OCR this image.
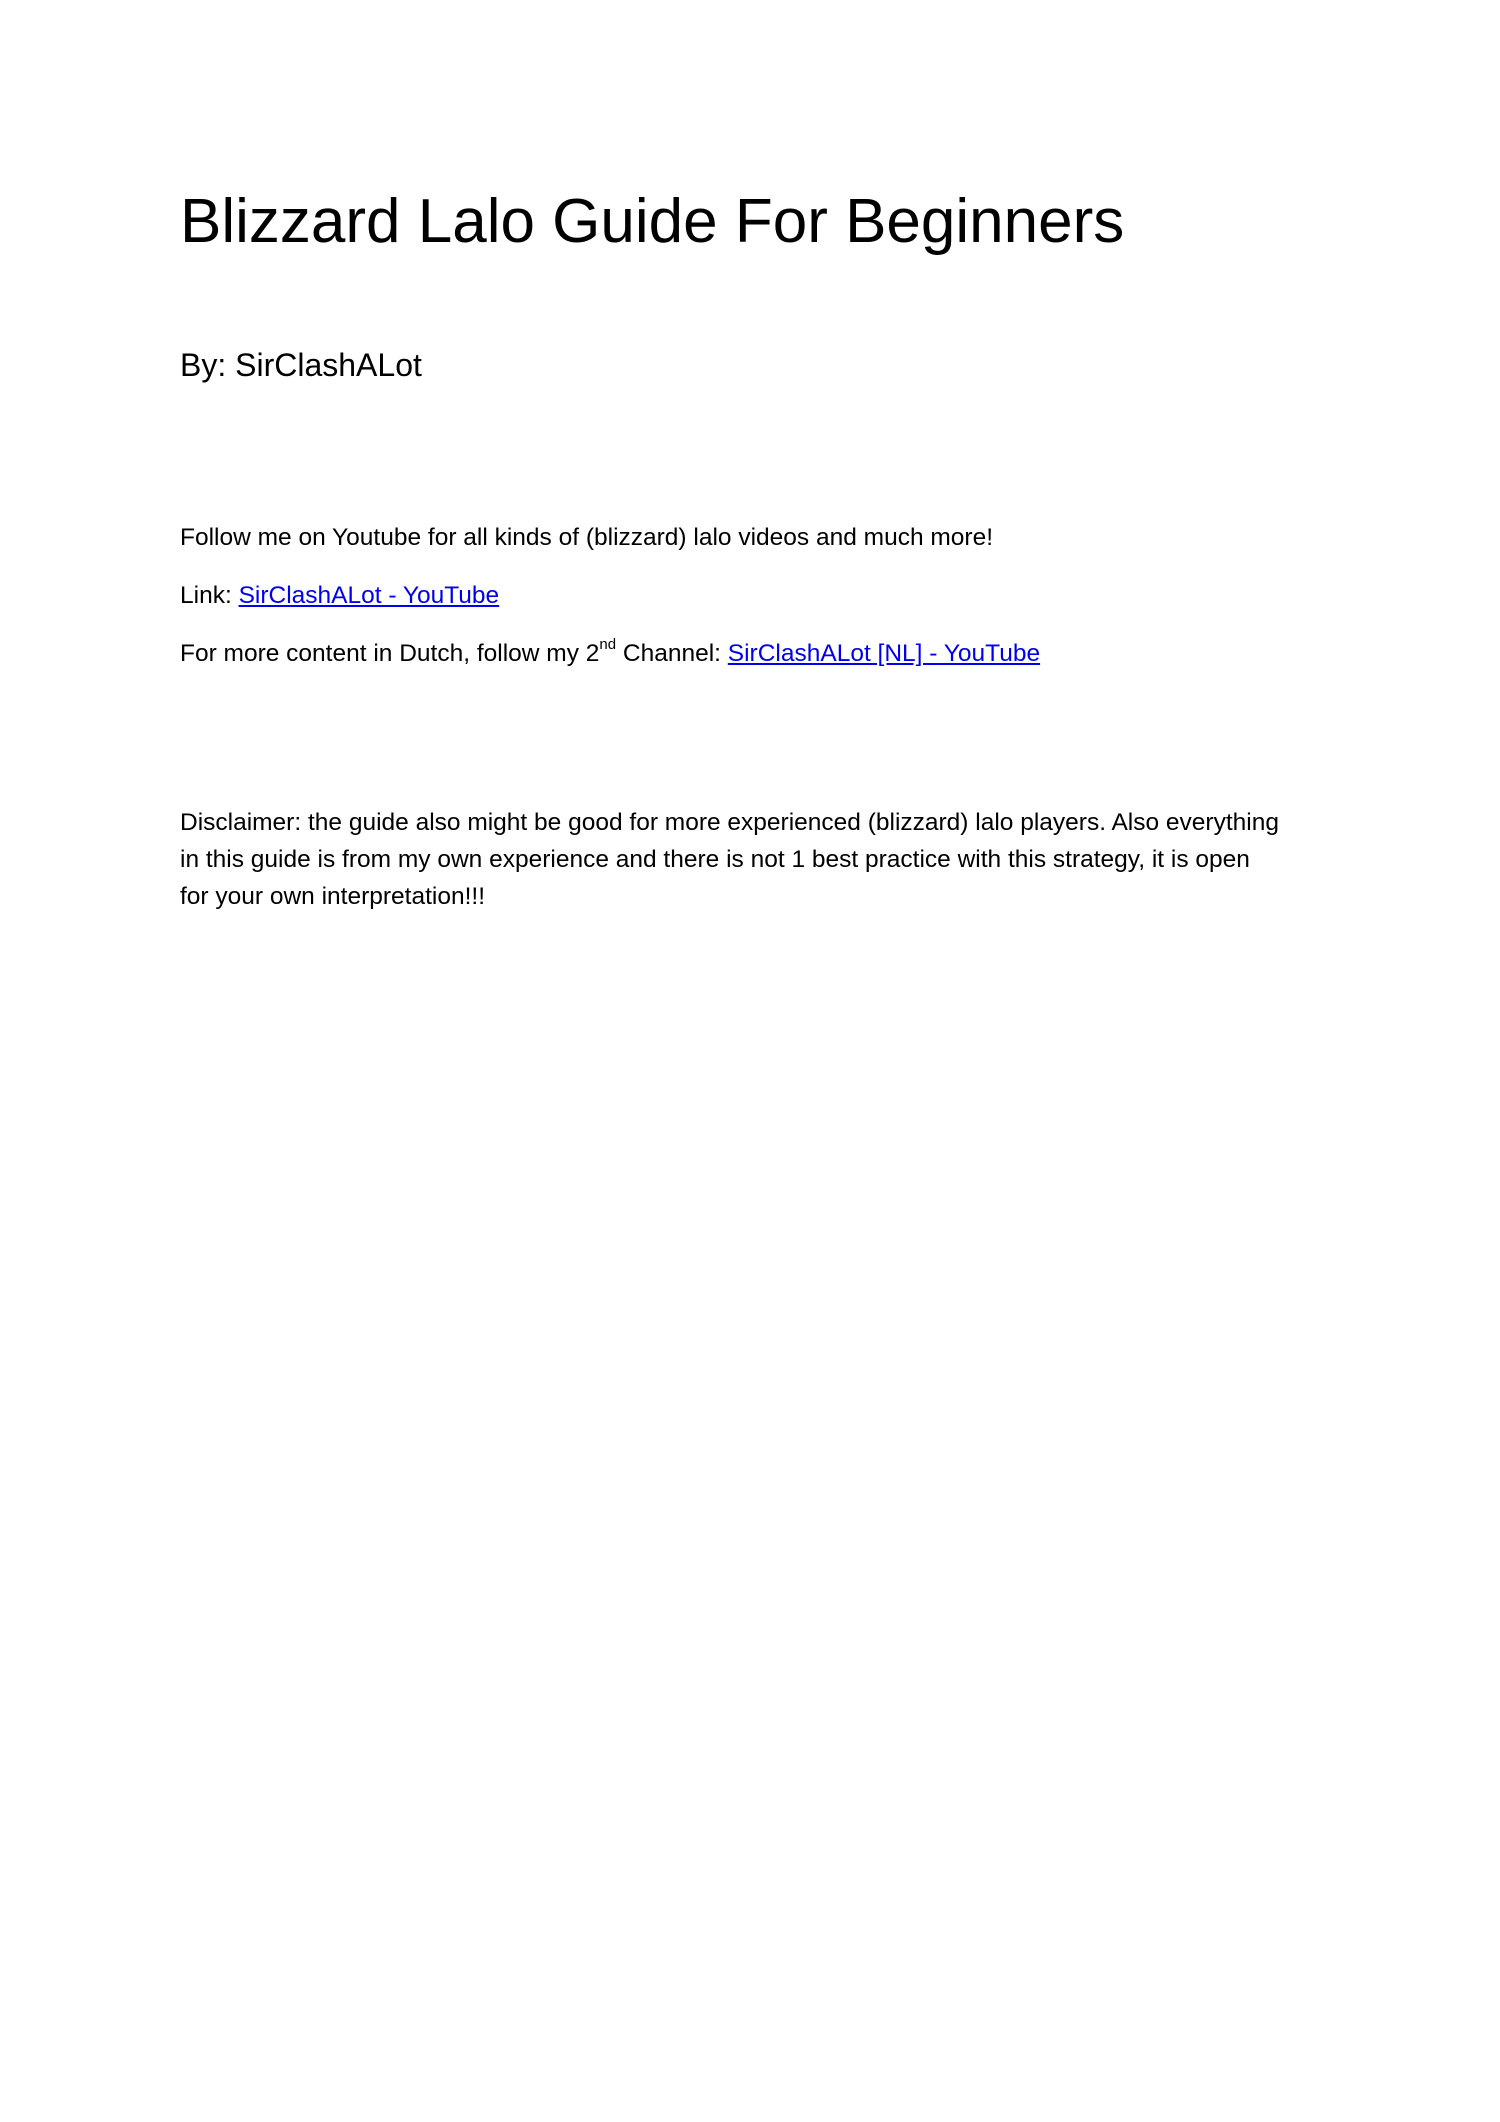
Blizzard Lalo Guide For Beginners
By: SirClashALot
Follow me on Youtube for all kinds of (blizzard) lalo videos and much more!
Link: SirClashALot - YouTube
For more content in Dutch, follow my 2nd Channel: SirClashALot [NL] - YouTube
Disclaimer: the guide also might be good for more experienced (blizzard) lalo players. Also everything
in this guide is from my own experience and there is not 1 best practice with this strategy, it is open
for your own interpretation!!!
